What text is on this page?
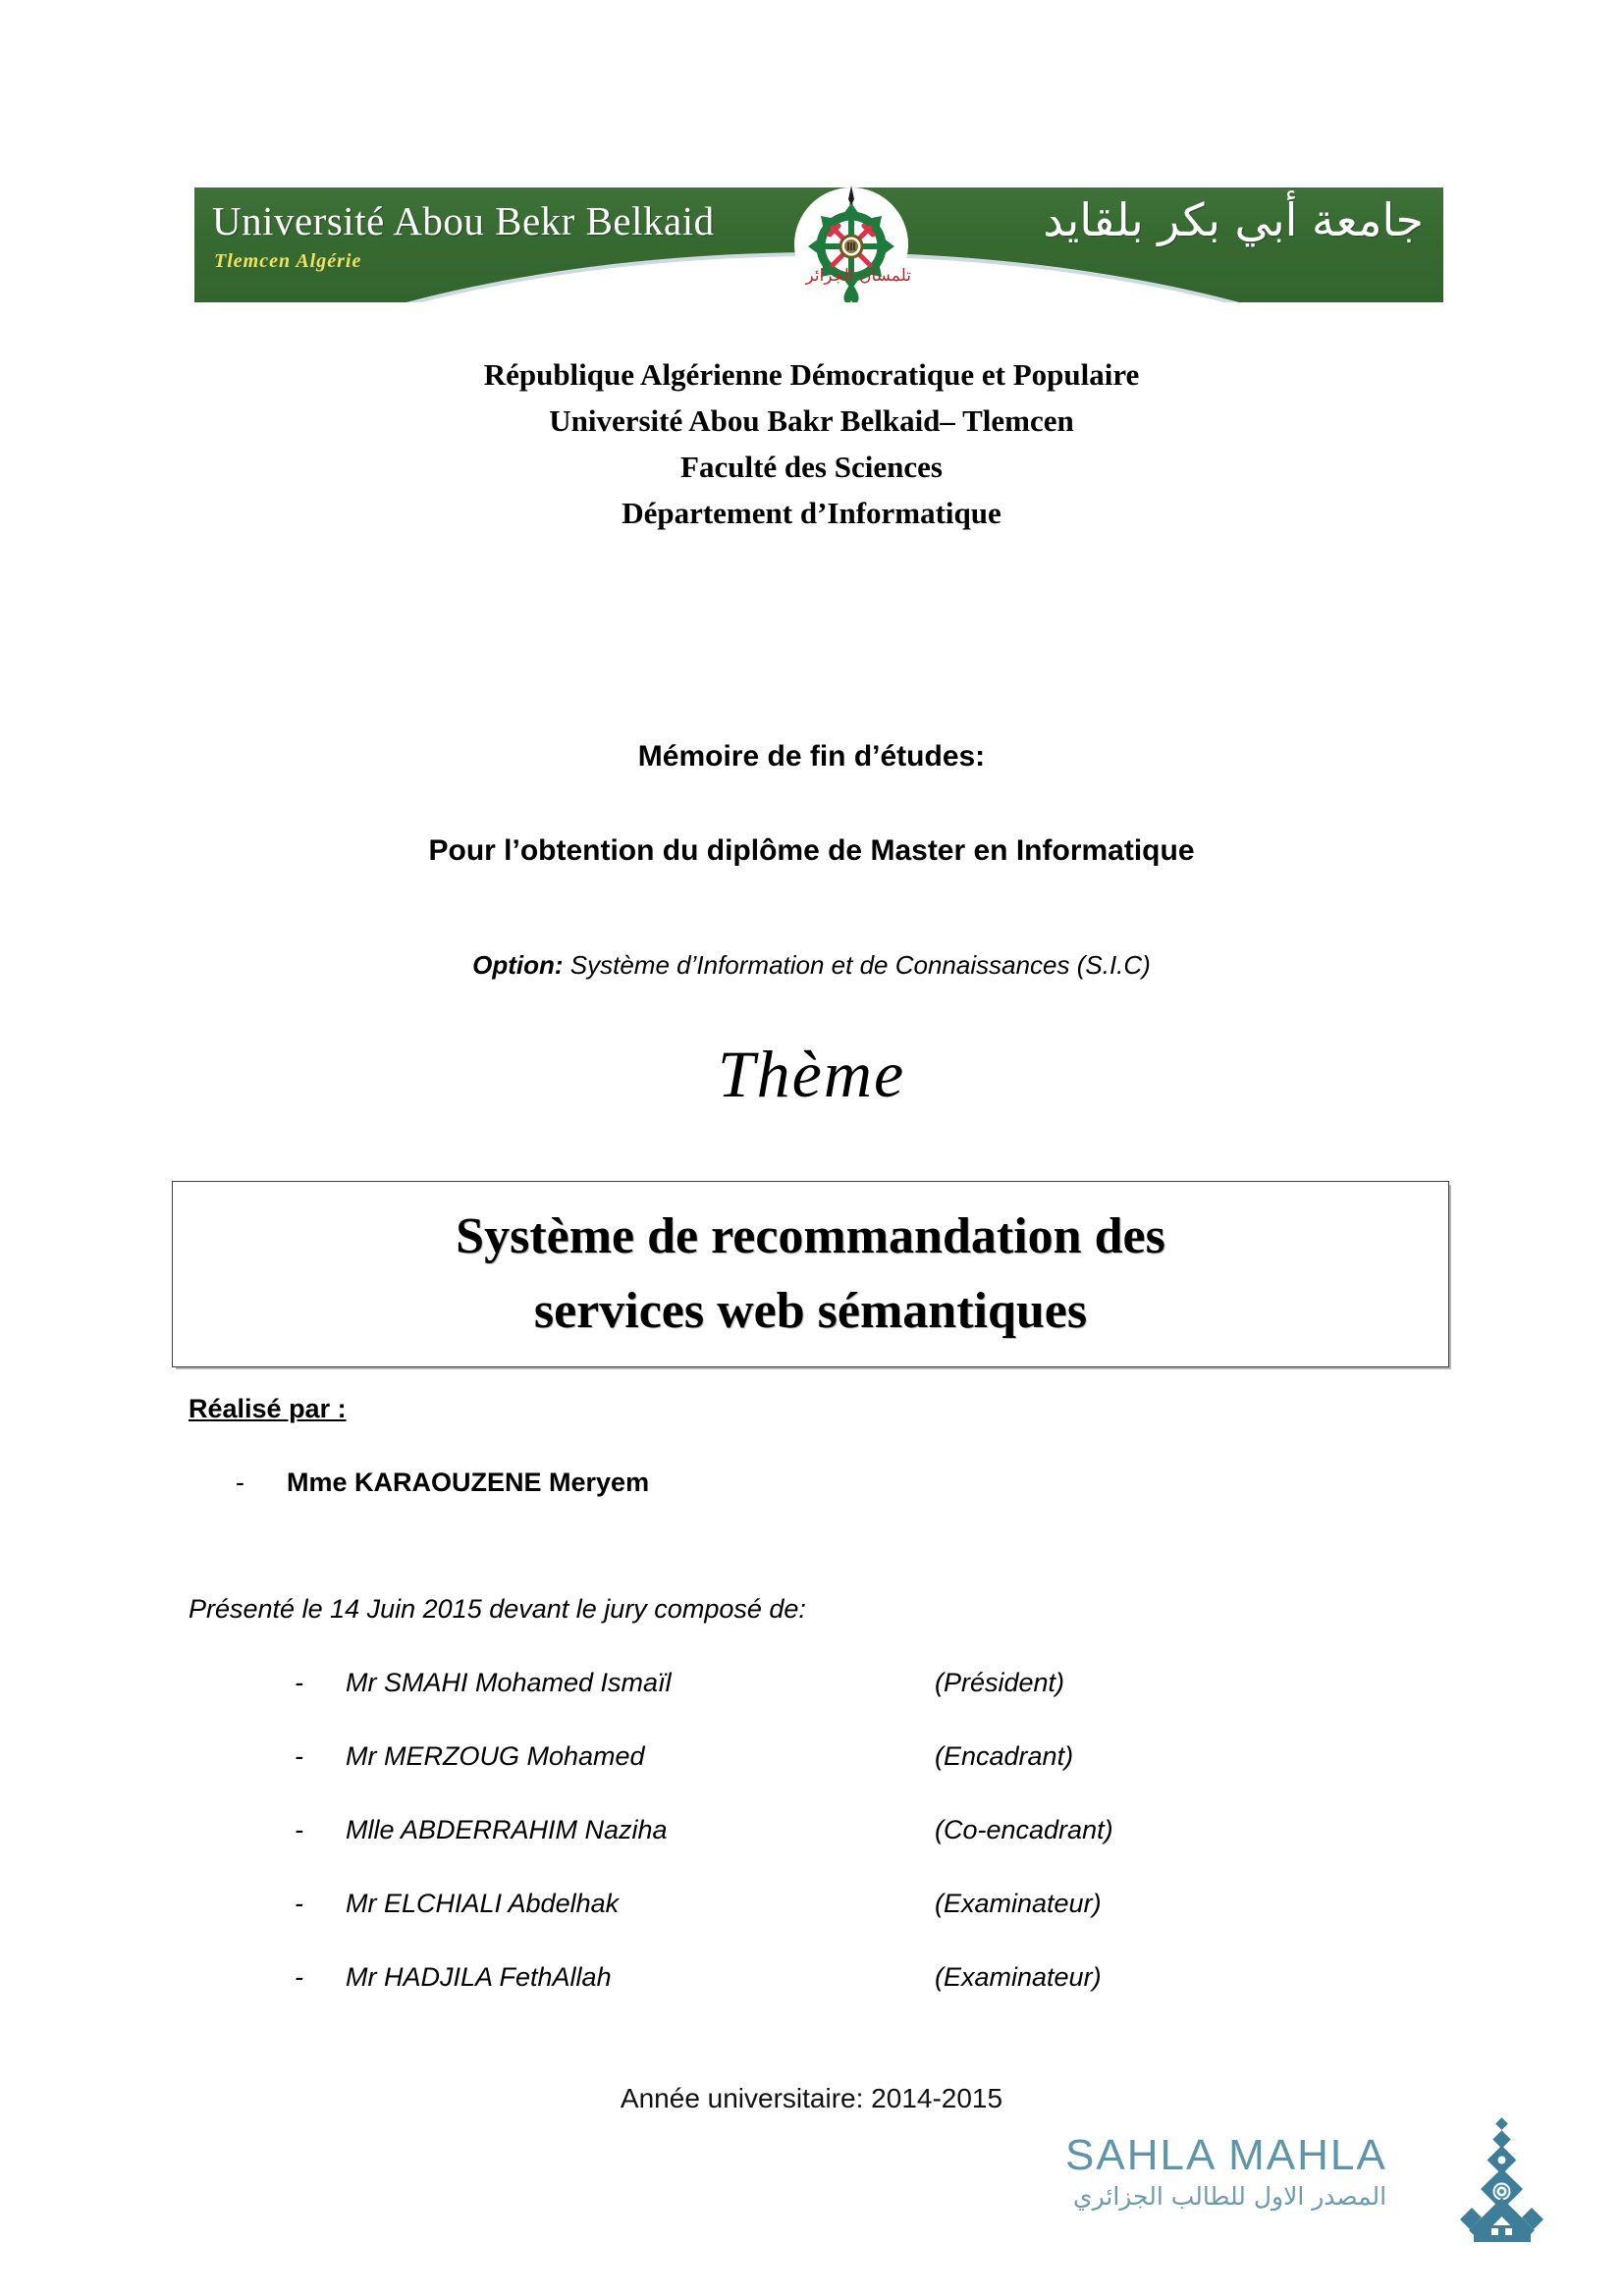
Université Abou Bekr Belkaid
Tlemcen Algérie
جامعة أبي بكر بلقايد
تلمسان الجزائر
République Algérienne Démocratique et Populaire
Université Abou Bakr Belkaid– Tlemcen
Faculté des Sciences
Département d’Informatique
Mémoire de fin d’études:
Pour l’obtention du diplôme de Master en Informatique
Option: Système d’Information et de Connaissances (S.I.C)
Thème
Système de recommandation des
services web sémantiques
Réalisé par :
- Mme KARAOUZENE Meryem
Présenté le 14 Juin 2015 devant le jury composé de:
-	Mr SMAHI Mohamed Ismaïl	(Président)
-	Mr MERZOUG Mohamed	(Encadrant)
-	Mlle ABDERRAHIM Naziha	(Co-encadrant)
-	Mr ELCHIALI Abdelhak	(Examinateur)
-	Mr HADJILA FethAllah	(Examinateur)
Année universitaire: 2014-2015
SAHLA MAHLA
المصدر الاول للطالب الجزائري
